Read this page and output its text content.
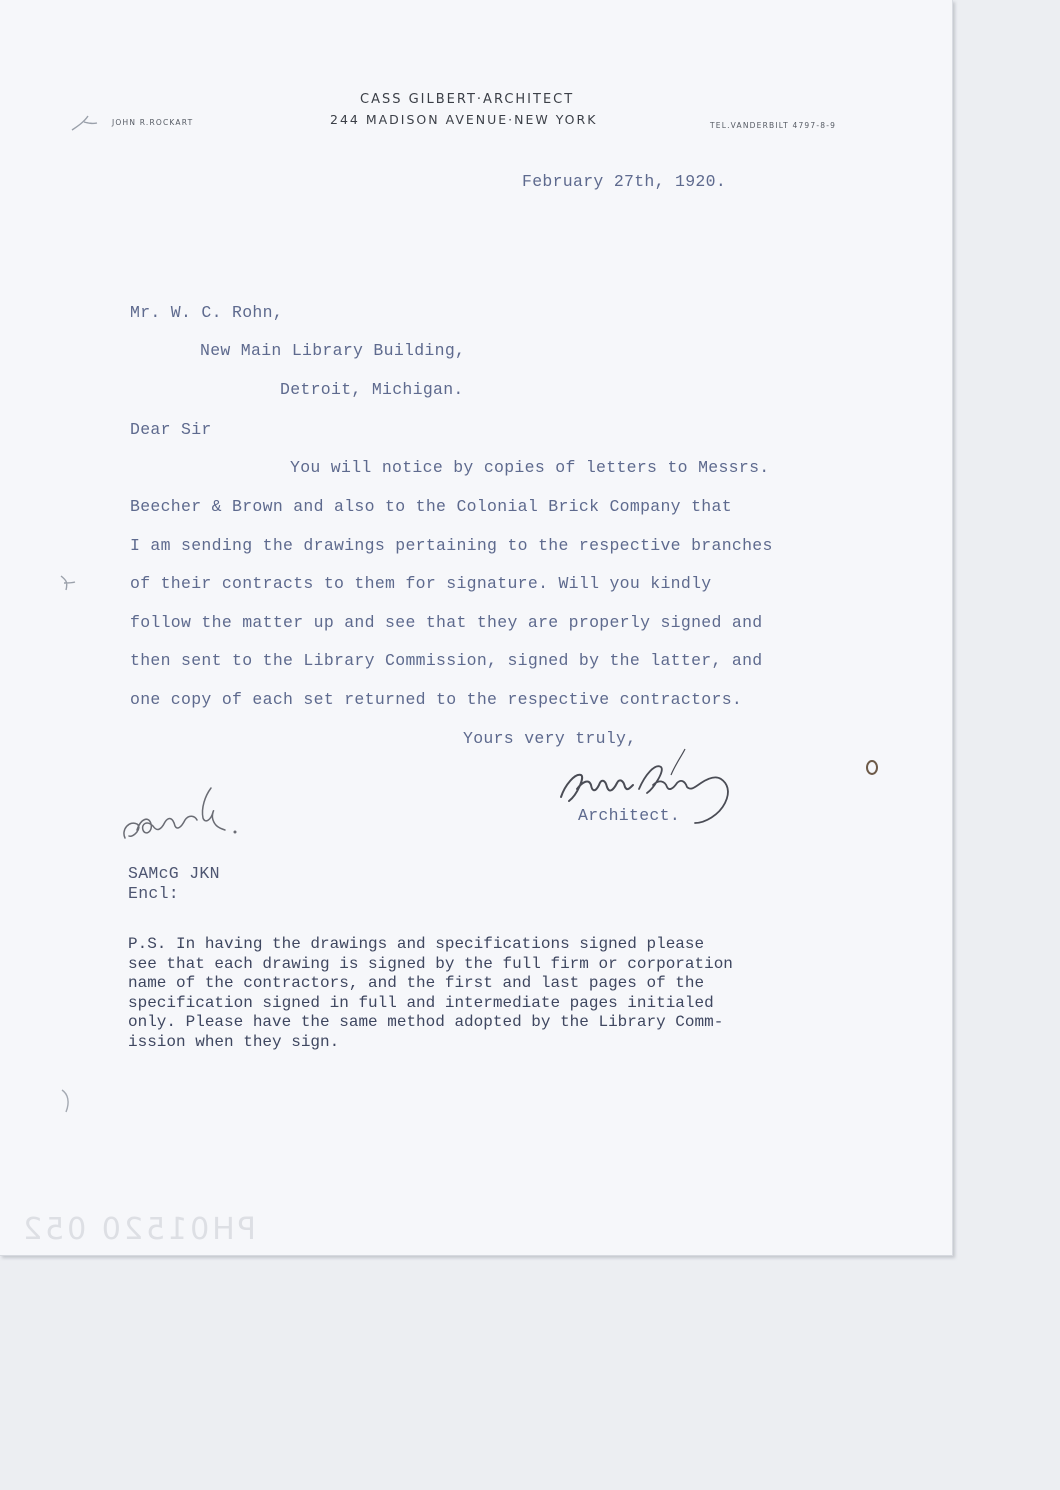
CASS GILBERT·ARCHITECT
244 MADISON AVENUE·NEW YORK
JOHN R.ROCKART	TEL.VANDERBILT 4797-8-9
February 27th, 1920.
Mr. W. C. Rohn,
New Main Library Building,
Detroit, Michigan.
Dear Sir
You will notice by copies of letters to Messrs.
Beecher & Brown and also to the Colonial Brick Company that
I am sending the drawings pertaining to the respective branches
of their contracts to them for signature. Will you kindly
follow the matter up and see that they are properly signed and
then sent to the Library Commission, signed by the latter, and
one copy of each set returned to the respective contractors.
Yours very truly,
Architect.
SAMcG JKN
Encl:
P.S. In having the drawings and specifications signed please
see that each drawing is signed by the full firm or corporation
name of the contractors, and the first and last pages of the
specification signed in full and intermediate pages initialed
only. Please have the same method adopted by the Library Comm-
ission when they sign.
PH01520 052
